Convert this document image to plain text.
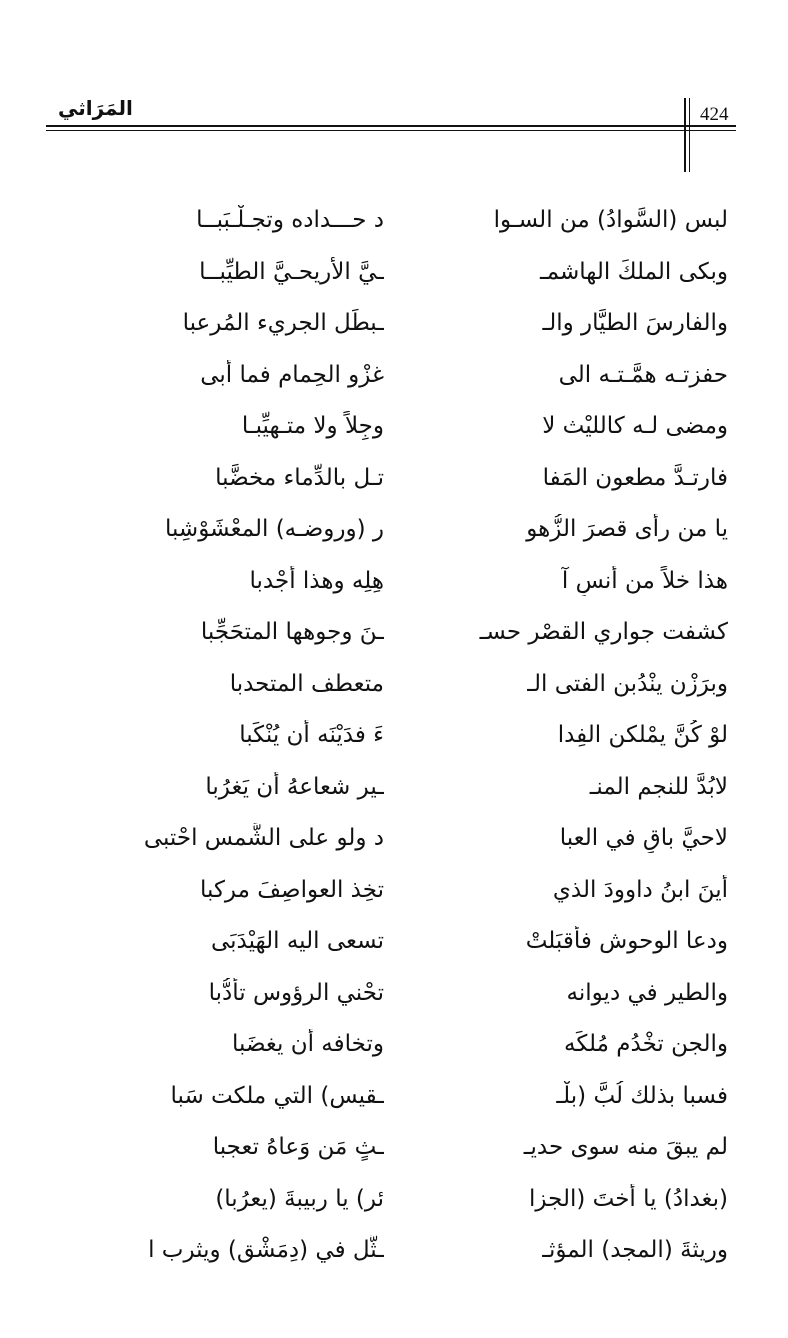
424
المَرَاثي
لبس (السَّوادُ) من السـوا
د حـــداده وتجـلْـبَبــا
وبكى الملكَ الهاشمـ
ـيَّ الأريحـيَّ الطيِّبــا
والفارسَ الطيَّار والـ
ـبطَل الجريء المُرعبا
حفزتـه همَّـتـه الى
غزْو الحِمام فما أبى
ومضى لـه كالليْث لا
وجِلاً ولا متـهيِّبـا
فارتـدَّ مطعون المَفا
تـل بالدِّماء مخضَّبا
يا من رأى قصرَ الزُّهو
ر (وروضـه) المعْشَوْشِبا
هذا خلاً من أُنسِ آ
هِلِه وهذا أجْدبا
كشفت جواري القصْر حسـ
ـنَ وجوهها المتحَجِّبا
وبرَزْن ينْدُبن الفتى الـ
متعطف المتحدبا
لوْ كُنَّ يمْلكن الفِدا
ءَ فدَيْنَه أن يُنْكَبا
لابُدَّ للنجم المنـ
ـير شعاعهُ أن يَغرُبا
لاحيَّ باقٍ في العبا
د ولو على الشَّمس احْتبى
أينَ ابنُ داوودَ الذي
تخِذ العواصِفَ مركبا
ودعا الوحوش فأقبَلتْ
تسعى اليه الهَيْدَبَى
والطير في ديوانه
تحْني الرؤوس تأدُّبا
والجن تخْدُم مُلكَه
وتخافه أن يغضَبا
فسبا بذلك لُبَّ (بلْـ
ـقيس) التي ملكت سَبا
لم يبقَ منه سوى حديـ
ـثٍ مَن وَعاهُ تعجبا
(بغدادُ) يا أختَ (الجزا
ئر) يا ربيبةَ (يعرُبا)
وريثةَ (المجد) المؤثـ
ـثَّل في (دِمَشْق) ويثرب ا
